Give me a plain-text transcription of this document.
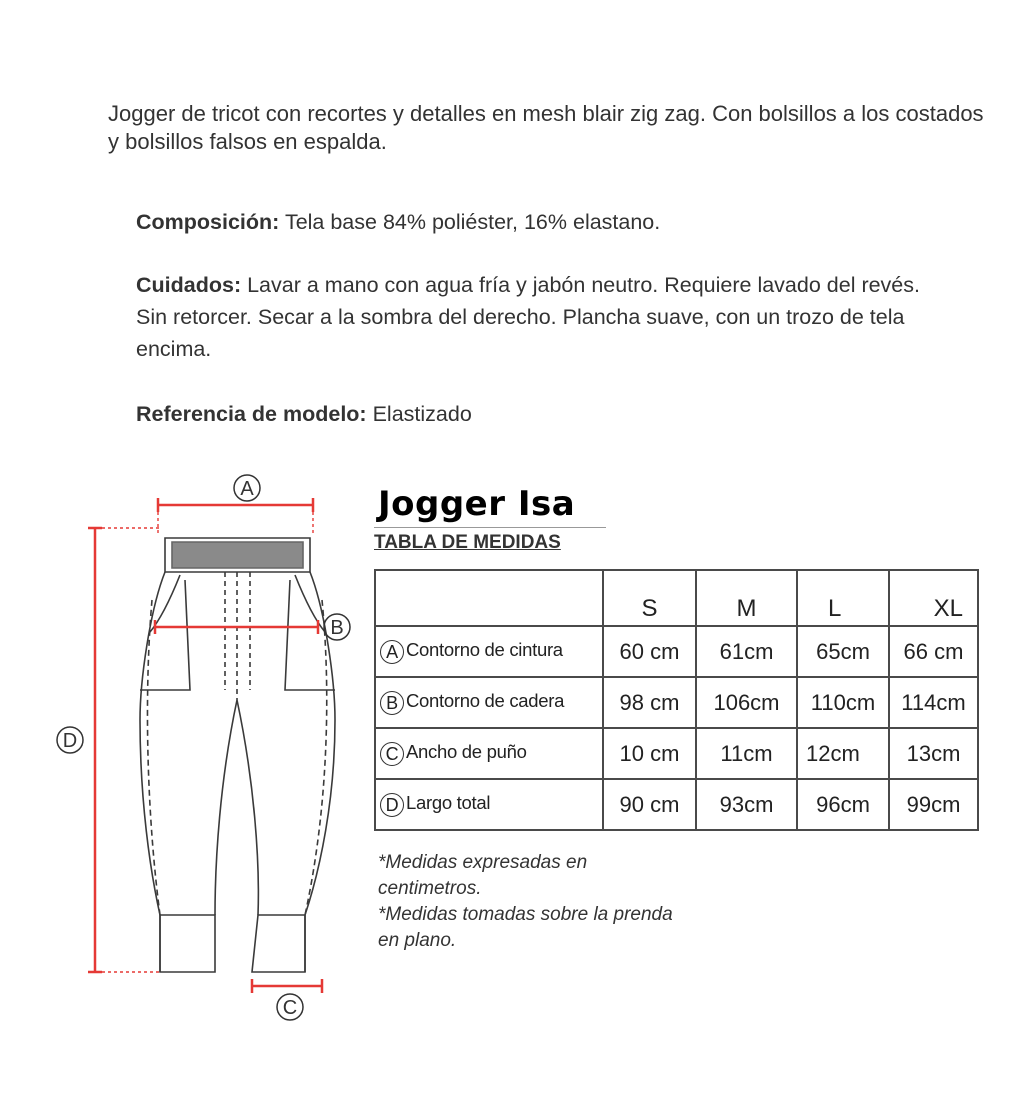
Jogger de tricot con recortes y detalles en mesh blair zig zag. Con bolsillos a los costados y bolsillos falsos en espalda.
Composición: Tela base 84% poliéster, 16% elastano.
Cuidados: Lavar a mano con agua fría y jabón neutro. Requiere lavado del revés. Sin retorcer. Secar a la sombra del derecho. Plancha suave, con un trozo de tela encima.
Referencia de modelo: Elastizado
A
B
C
D
Jogger Isa
TABLA DE MEDIDAS
	S	M	L	XL
A Contorno de cintura	60 cm	61cm	65cm	66 cm
B Contorno de cadera	98 cm	106cm	110cm	114cm
C Ancho de puño	10 cm	11cm	12cm	13cm
D Largo total	90 cm	93cm	96cm	99cm
*Medidas expresadas en centimetros.
*Medidas tomadas sobre la prenda en plano.
